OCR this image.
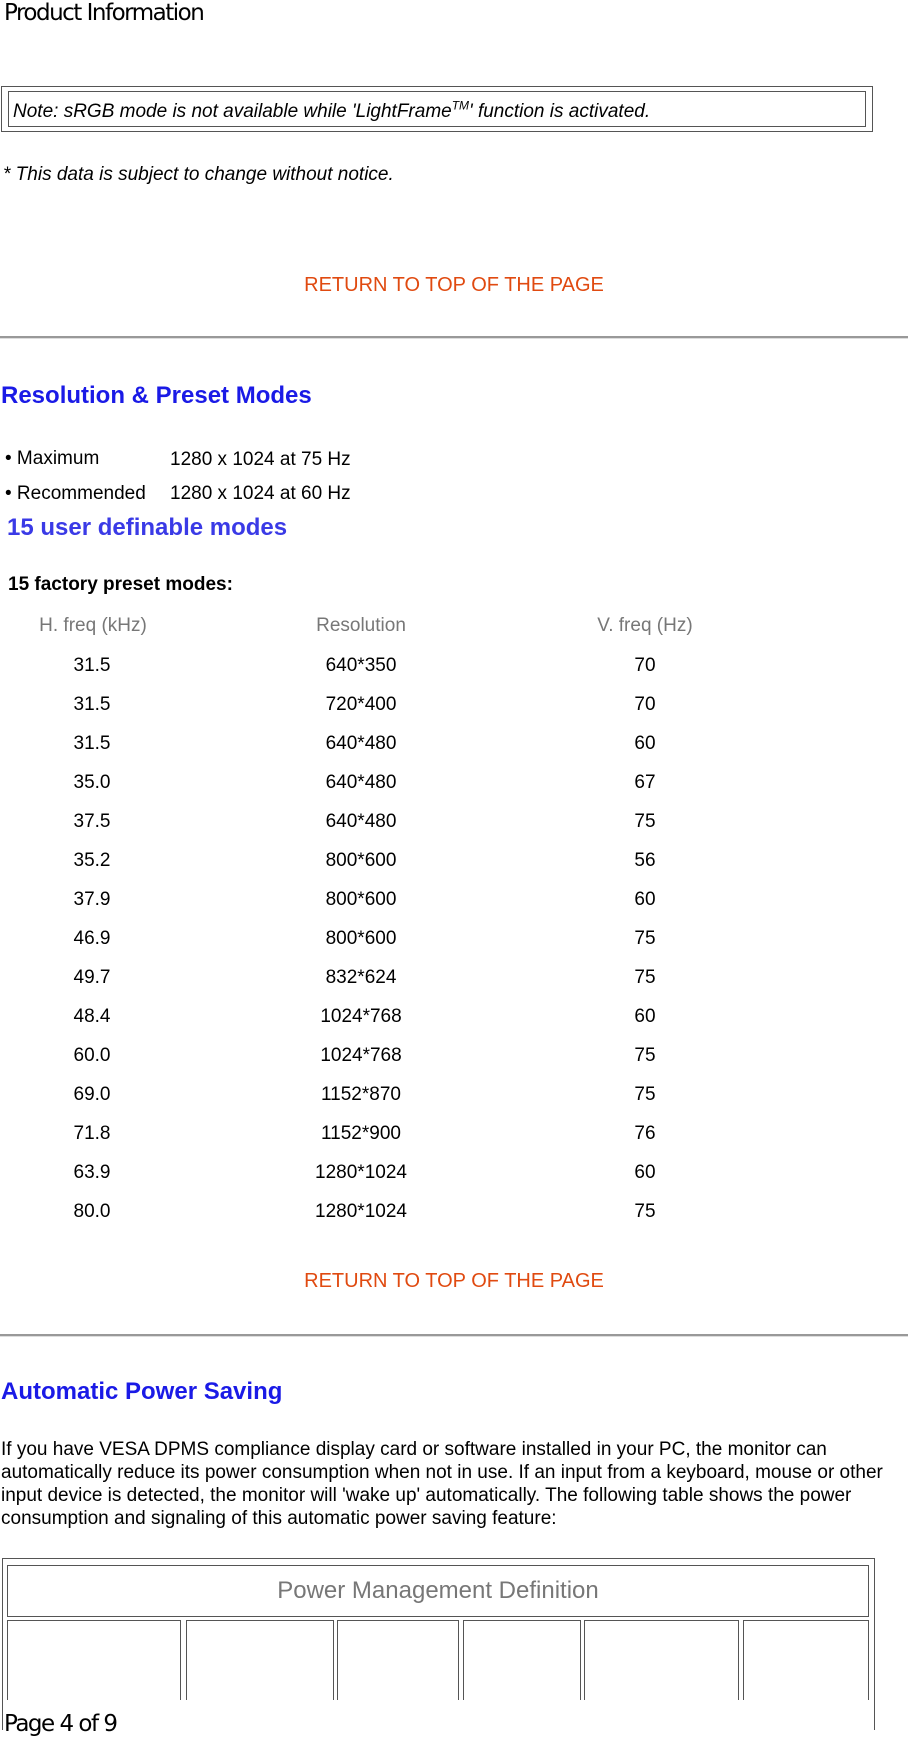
Product Information
Note: sRGB mode is not available while 'LightFrame™' function is activated.
* This data is subject to change without notice.
RETURN TO TOP OF THE PAGE
Resolution & Preset Modes
• Maximum	1280 x 1024 at 75 Hz
• Recommended 1280 x 1024 at 60 Hz
15 user definable modes
15 factory preset modes:
H. freq (kHz)	Resolution	V. freq (Hz)
31.5	640*350	70
31.5	720*400	70
31.5	640*480	60
35.0	640*480	67
37.5	640*480	75
35.2	800*600	56
37.9	800*600	60
46.9	800*600	75
49.7	832*624	75
48.4	1024*768	60
60.0	1024*768	75
69.0	1152*870	75
71.8	1152*900	76
63.9	1280*1024	60
80.0	1280*1024	75
RETURN TO TOP OF THE PAGE
Automatic Power Saving
If you have VESA DPMS compliance display card or software installed in your PC, the monitor can automatically reduce its power consumption when not in use. If an input from a keyboard, mouse or other input device is detected, the monitor will 'wake up' automatically. The following table shows the power consumption and signaling of this automatic power saving feature:
Power Management Definition
Page 4 of 9
